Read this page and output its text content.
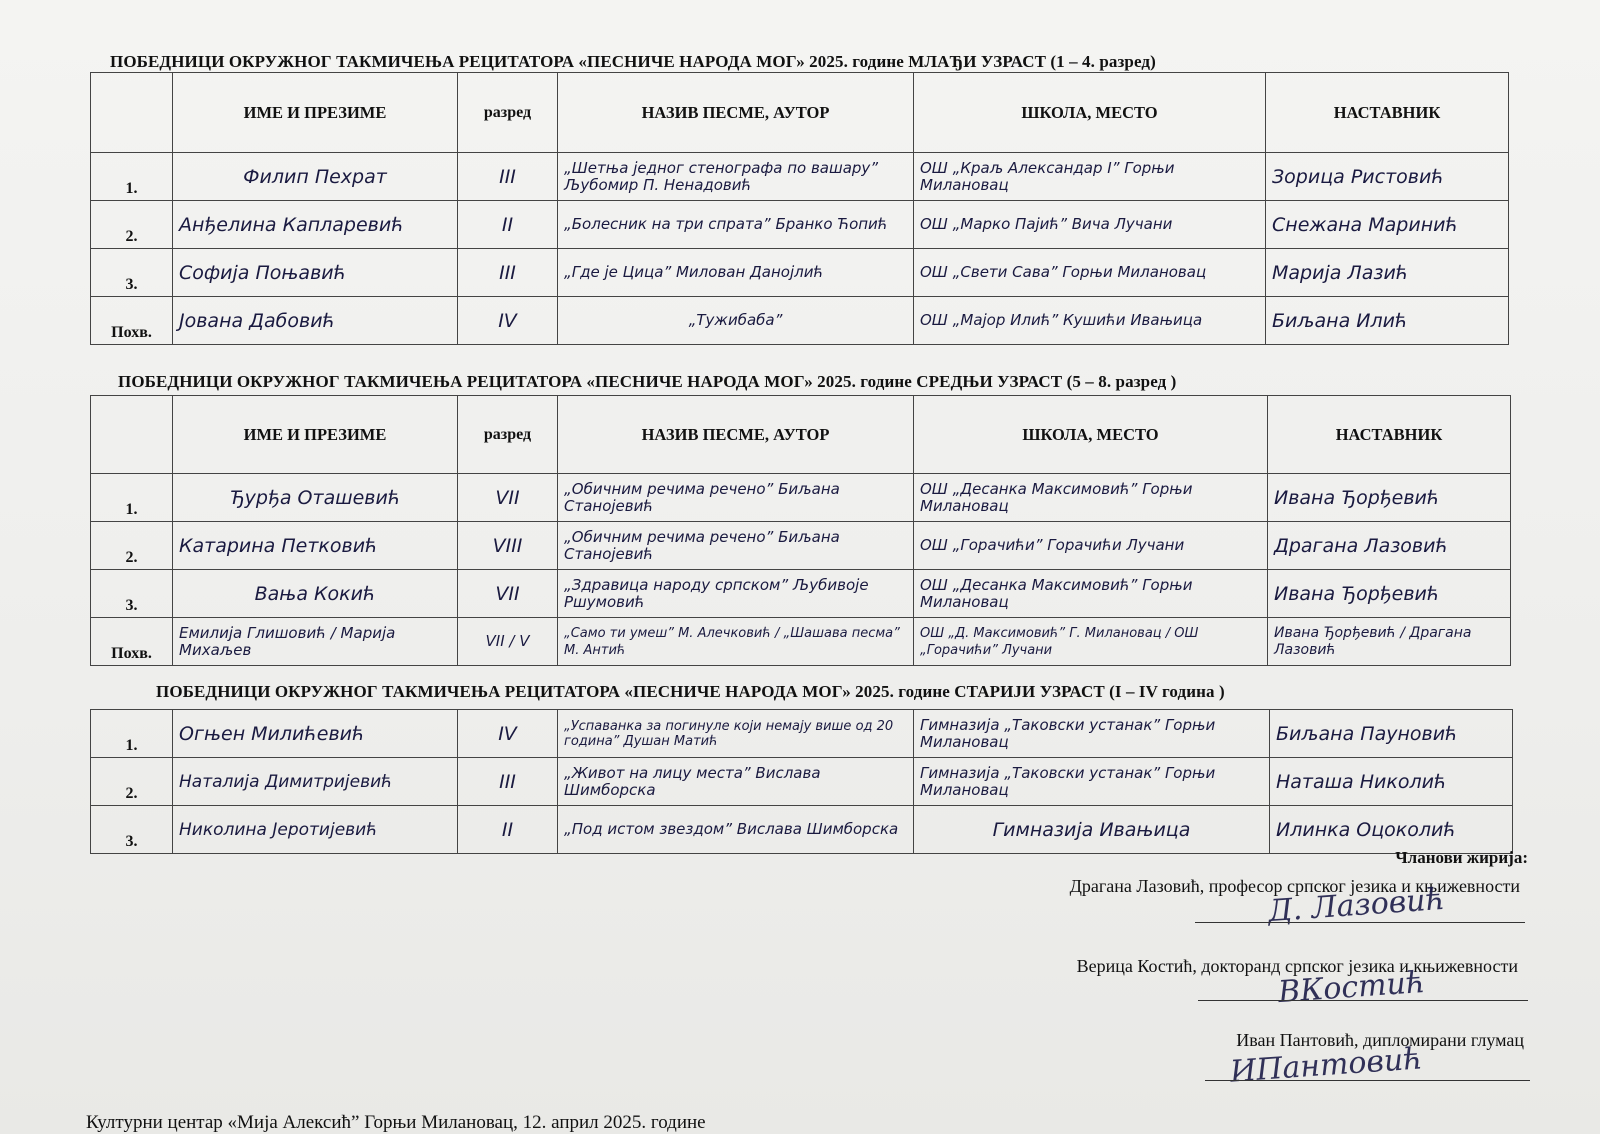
ПОБЕДНИЦИ ОКРУЖНОГ ТАКМИЧЕЊА РЕЦИТАТОРА «ПЕСНИЧЕ НАРОДА МОГ» 2025. године МЛАЂИ УЗРАСТ (1 – 4. разред)
	ИМЕ И ПРЕЗИМЕ	разред	НАЗИВ ПЕСМЕ, АУТОР	ШКОЛА, МЕСТО	НАСТАВНИК
1.	Филип Пехрат	III	„Шетња једног стенографа по вашару” Љубомир П. Ненадовић	ОШ „Краљ Александар I” Горњи Милановац	Зорица Ристовић
2.	Анђелина Капларевић	II	„Болесник на три спрата” Бранко Ћопић	ОШ „Марко Пајић” Вича Лучани	Снежана Маринић
3.	Софија Поњавић	III	„Где је Цица” Милован Данојлић	ОШ „Свети Сава” Горњи Милановац	Марија Лазић
Похв.	Јована Дабовић	IV	„Тужибаба”	ОШ „Мајор Илић” Кушићи Ивањица	Биљана Илић
ПОБЕДНИЦИ ОКРУЖНОГ ТАКМИЧЕЊА РЕЦИТАТОРА «ПЕСНИЧЕ НАРОДА МОГ» 2025. године СРЕДЊИ УЗРАСТ (5 – 8. разред )
	ИМЕ И ПРЕЗИМЕ	разред	НАЗИВ ПЕСМЕ, АУТОР	ШКОЛА, МЕСТО	НАСТАВНИК
1.	Ђурђа Оташевић	VII	„Обичним речима речено” Биљана Станојевић	ОШ „Десанка Максимовић” Горњи Милановац	Ивана Ђорђевић
2.	Катарина Петковић	VIII	„Обичним речима речено” Биљана Станојевић	ОШ „Горачићи” Горачићи Лучани	Драгана Лазовић
3.	Вања Кокић	VII	„Здравица народу српском” Љубивоје Ршумовић	ОШ „Десанка Максимовић” Горњи Милановац	Ивана Ђорђевић
Похв.	Емилија Глишовић / Марија Михаљев	VII / V	„Само ти умеш” М. Алечковић / „Шашава песма” М. Антић	ОШ „Д. Максимовић” Г. Милановац / ОШ „Горачићи” Лучани	Ивана Ђорђевић / Драгана Лазовић
ПОБЕДНИЦИ ОКРУЖНОГ ТАКМИЧЕЊА РЕЦИТАТОРА «ПЕСНИЧЕ НАРОДА МОГ» 2025. године СТАРИЈИ УЗРАСТ (I – IV година )
1.	Огњен Милићевић	IV	„Успаванка за погинуле који немају више од 20 година” Душан Матић	Гимназија „Таковски устанак” Горњи Милановац	Биљана Пауновић
2.	Наталија Димитријевић	III	„Живот на лицу места” Вислава Шимборска	Гимназија „Таковски устанак” Горњи Милановац	Наташа Николић
3.	Николина Јеротијевић	II	„Под истом звездом” Вислава Шимборска	Гимназија Ивањица	Илинка Оцоколић
Чланови жирија:
Драгана Лазовић, професор српског језика и књижевности
Д. Лазовић
Верица Костић, докторанд српског језика и књижевности
ВКостић
Иван Пантовић, дипломирани глумац
ИПантовић
Културни центар «Мија Алексић” Горњи Милановац, 12. април 2025. године
